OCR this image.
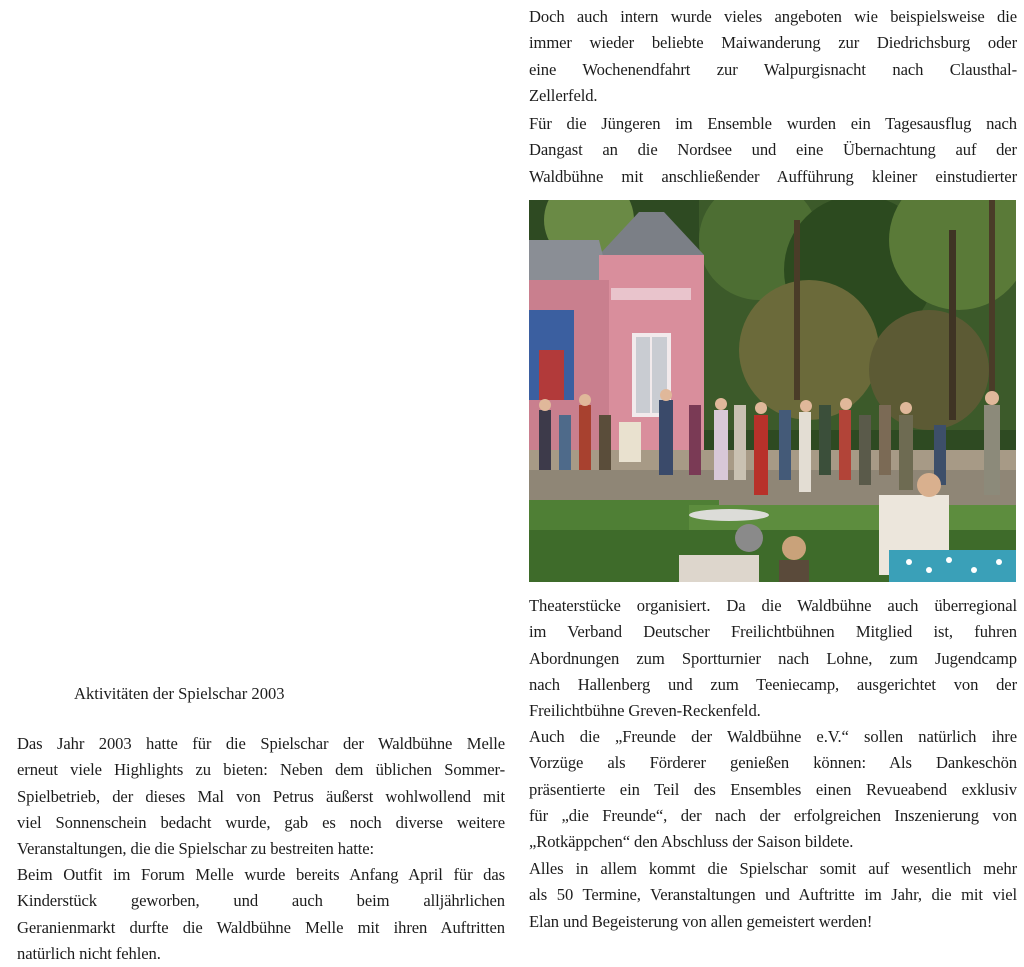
Aktivitäten der Spielschar 2003
Das Jahr 2003 hatte für die Spielschar der Waldbühne Melle
erneut viele Highlights zu bieten: Neben dem üblichen Sommer-
Spielbetrieb, der dieses Mal von Petrus äußerst wohlwollend mit
viel Sonnenschein bedacht wurde, gab es noch diverse weitere
Veranstaltungen, die die Spielschar zu bestreiten hatte:
Beim Outfit im Forum Melle wurde bereits Anfang April für das
Kinderstück geworben, und auch beim alljährlichen
Geranienmarkt durfte die Waldbühne Melle mit ihren Auftritten
natürlich nicht fehlen.
Doch auch intern wurde vieles angeboten wie beispielsweise die
immer wieder beliebte Maiwanderung zur Diedrichsburg oder
eine Wochenendfahrt zur Walpurgisnacht nach Clausthal-
Zellerfeld.
Für die Jüngeren im Ensemble wurden ein Tagesausflug nach
Dangast an die Nordsee und eine Übernachtung auf der
Waldbühne mit anschließender Aufführung kleiner einstudierter
Theaterstücke organisiert. Da die Waldbühne auch überregional
im Verband Deutscher Freilichtbühnen Mitglied ist, fuhren
Abordnungen zum Sportturnier nach Lohne, zum Jugendcamp
nach Hallenberg und zum Teeniecamp, ausgerichtet von der
Freilichtbühne Greven-Reckenfeld.
Auch die „Freunde der Waldbühne e.V.“ sollen natürlich ihre
Vorzüge als Förderer genießen können: Als Dankeschön
präsentierte ein Teil des Ensembles einen Revueabend exklusiv
für „die Freunde“, der nach der erfolgreichen Inszenierung von
„Rotkäppchen“ den Abschluss der Saison bildete.
Alles in allem kommt die Spielschar somit auf wesentlich mehr
als 50 Termine, Veranstaltungen und Auftritte im Jahr, die mit viel
Elan und Begeisterung von allen gemeistert werden!
